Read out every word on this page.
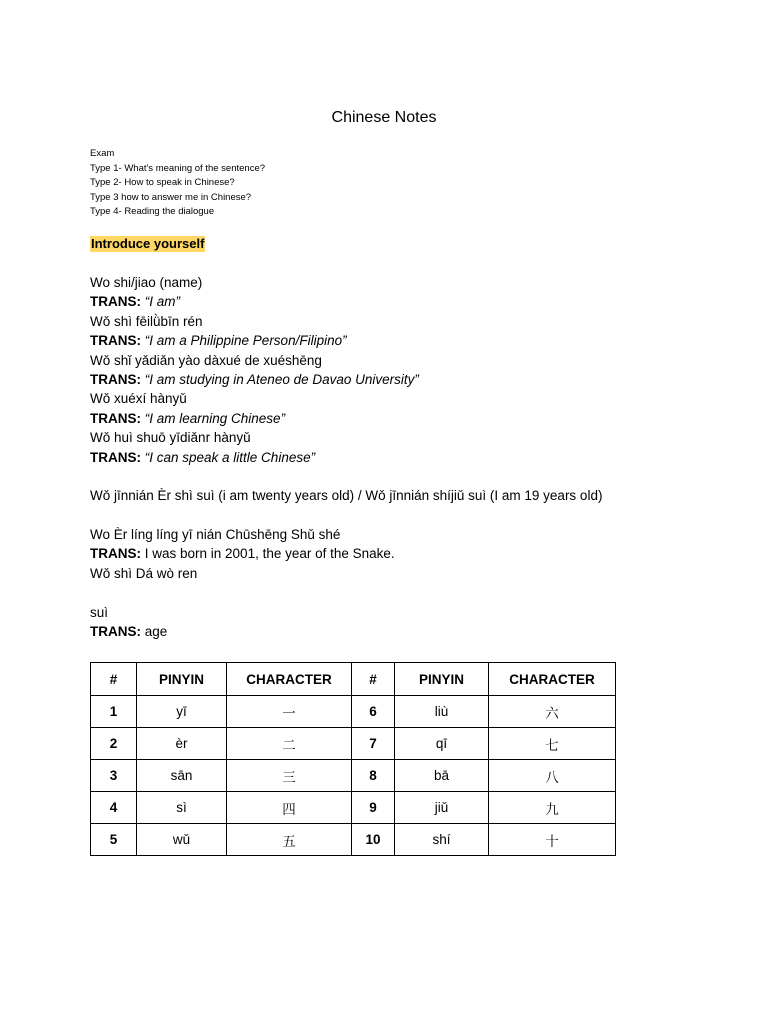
Chinese Notes
Exam
Type 1- What's meaning of the sentence?
Type 2- How to speak in Chinese?
Type 3 how to answer me in Chinese?
Type 4- Reading the dialogue
Introduce yourself
Wo shi/jiao (name)
TRANS: “I am”
Wǒ shì fēilǜbīn rén
TRANS: “I am a Philippine Person/Filipino”
Wǒ shǐ yǎdiǎn yào dàxué de xuéshēng
TRANS: “I am studying in Ateneo de Davao University”
Wǒ xuéxí hànyǔ
TRANS: “I am learning Chinese”
Wǒ huì shuō yīdiǎnr hànyǔ
TRANS: “I can speak a little Chinese”
Wǒ jīnnián Èr shì suì (i am twenty years old) / Wǒ jīnnián shíjiǔ suì (I am 19 years old)
Wo Èr líng líng yī nián Chūshēng Shǔ shé
TRANS: I was born in 2001, the year of the Snake.
Wǒ shì Dá wò ren
suì
TRANS: age
#	PINYIN	CHARACTER	#	PINYIN	CHARACTER
1	yī	一	6	liù	六
2	èr	二	7	qī	七
3	sān	三	8	bā	八
4	sì	四	9	jiǔ	九
5	wǔ	五	10	shí	十
